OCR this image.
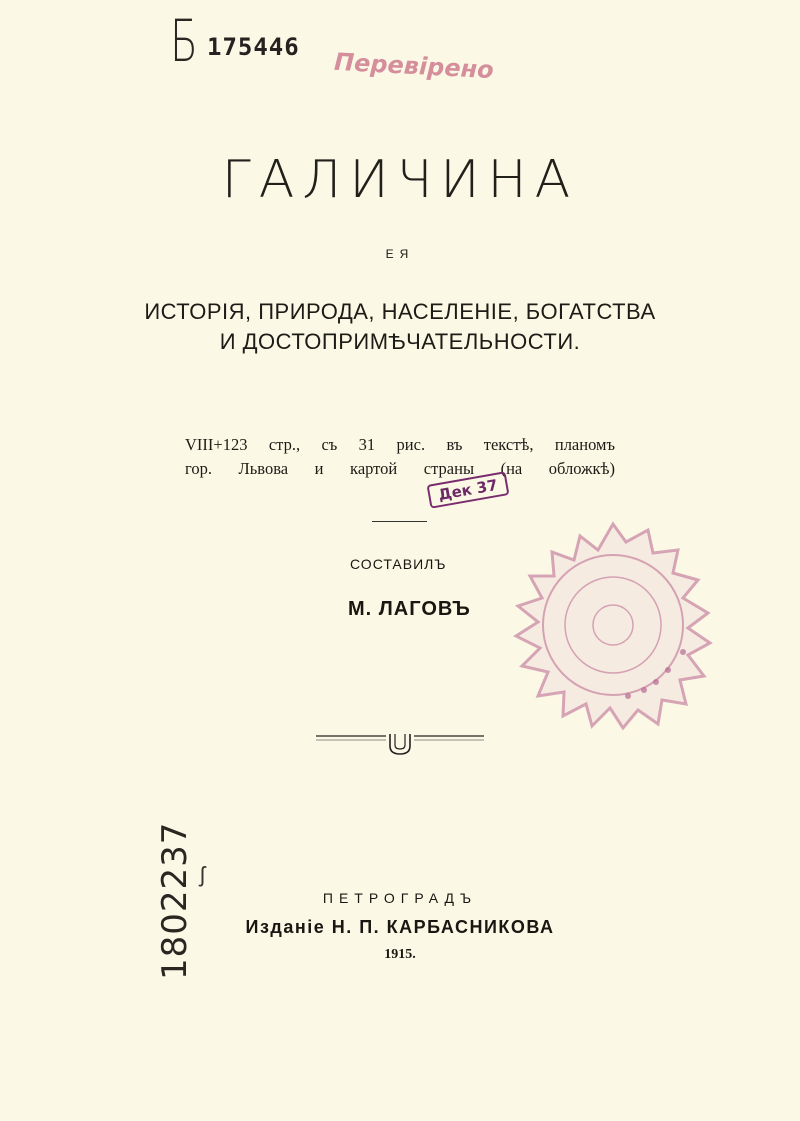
Б 175446
Перевірено
ГАЛИЧИНА
ЕЯ
ИСТОРІЯ, ПРИРОДА, НАСЕЛЕНІЕ, БОГАТСТВА
И ДОСТОПРИМѢЧАТЕЛЬНОСТИ.
VIII+123 стр., съ 31 рис. въ текстѣ, планомъ
гор. Львова и картой страны (на обложкѣ)
Дек 37
СОСТАВИЛЪ
М. ЛАГОВЪ
1802237 ʃ
ПЕТРОГРАДЪ
Изданіе Н. П. КАРБАСНИКОВА
1915.
